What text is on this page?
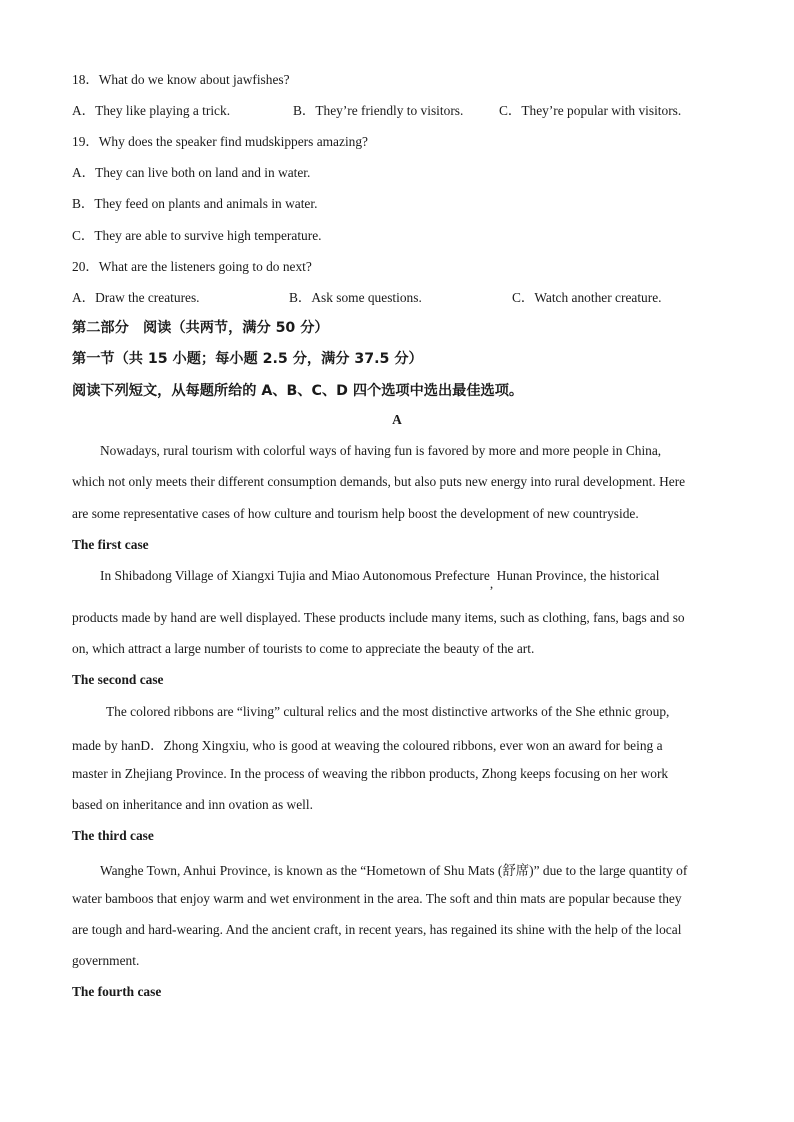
18．What do we know about jawfishes?
A．They like playing a trick.	B．They’re friendly to visitors.	C．They’re popular with visitors.
19．Why does the speaker find mudskippers amazing?
A．They can live both on land and in water.
B．They feed on plants and animals in water.
C．They are able to survive high temperature.
20．What are the listeners going to do next?
A．Draw the creatures.	B．Ask some questions.	C．Watch another creature.
第二部分　阅读（共两节，满分 50 分）
第一节（共 15 小题；每小题 2.5 分，满分 37.5 分）
阅读下列短文，从每题所给的 A、B、C、D 四个选项中选出最佳选项。
A
Nowadays, rural tourism with colorful ways of having fun is favored by more and more people in China,
which not only meets their different consumption demands, but also puts new energy into rural development. Here
are some representative cases of how culture and tourism help boost the development of new countryside.
The first case
In Shibadong Village of Xiangxi Tujia and Miao Autonomous Prefecture, Hunan Province, the historical
products made by hand are well displayed. These products include many items, such as clothing, fans, bags and so
on, which attract a large number of tourists to come to appreciate the beauty of the art.
The second case
The colored ribbons are “living” cultural relics and the most distinctive artworks of the She ethnic group,
made by hanD．Zhong Xingxiu, who is good at weaving the coloured ribbons, ever won an award for being a
master in Zhejiang Province. In the process of weaving the ribbon products, Zhong keeps focusing on her work
based on inheritance and inn ovation as well.
The third case
Wanghe Town, Anhui Province, is known as the “Hometown of Shu Mats (舒席)” due to the large quantity of
water bamboos that enjoy warm and wet environment in the area. The soft and thin mats are popular because they
are tough and hard-wearing. And the ancient craft, in recent years, has regained its shine with the help of the local
government.
The fourth case
